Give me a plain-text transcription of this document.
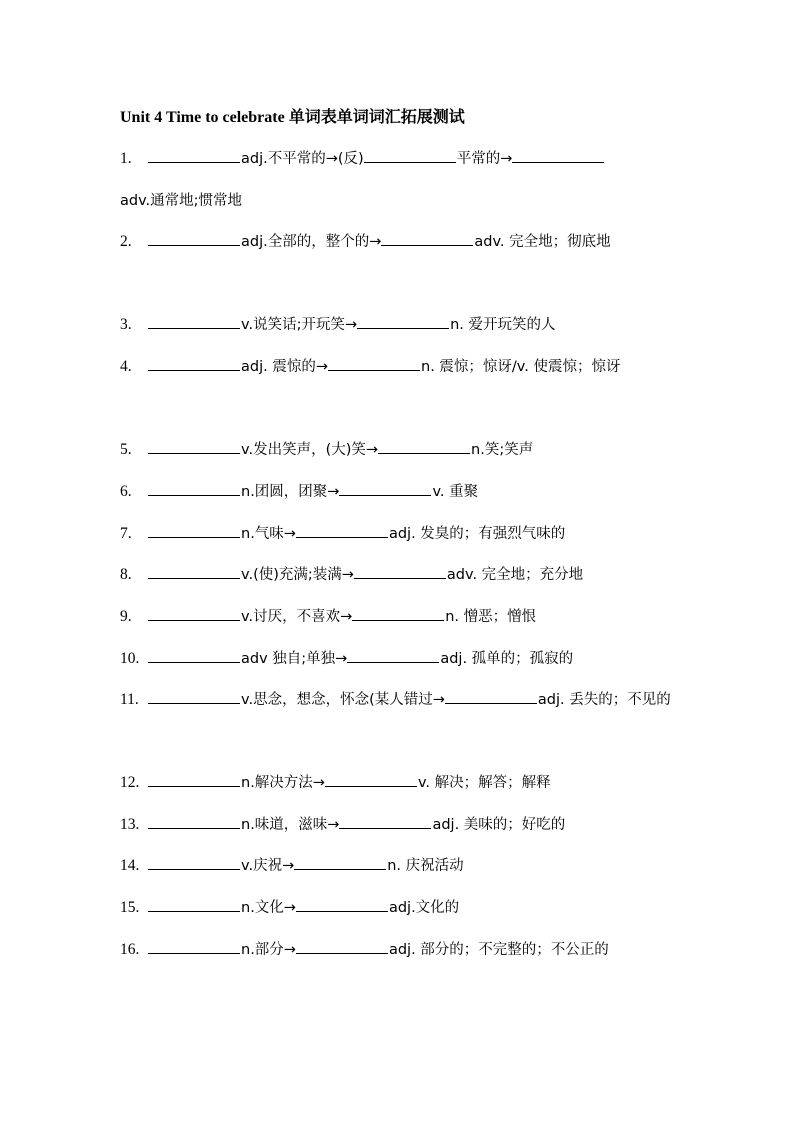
Unit 4 Time to celebrate 单词表单词词汇拓展测试
1.	adj.不平常的→(反)	平常的→
adv.通常地;惯常地
2.	adj.全部的，整个的→	adv. 完全地；彻底地
3.	v.说笑话;开玩笑→	n. 爱开玩笑的人
4.	adj. 震惊的→	n. 震惊；惊讶/v. 使震惊；惊讶
5.	v.发出笑声，(大)笑→	n.笑;笑声
6.	n.团圆，团聚→	v. 重聚
7.	n.气味→	adj. 发臭的；有强烈气味的
8.	v.(使)充满;装满→	adv. 完全地；充分地
9.	v.讨厌，不喜欢→	n. 憎恶；憎恨
10.	adv 独自;单独→	adj. 孤单的；孤寂的
11.	v.思念，想念，怀念(某人错过→	adj. 丢失的；不见的
12.	n.解决方法→	v. 解决；解答；解释
13.	n.味道，滋味→	adj. 美味的；好吃的
14.	v.庆祝→	n. 庆祝活动
15.	n.文化→	adj.文化的
16.	n.部分→	adj. 部分的；不完整的；不公正的
